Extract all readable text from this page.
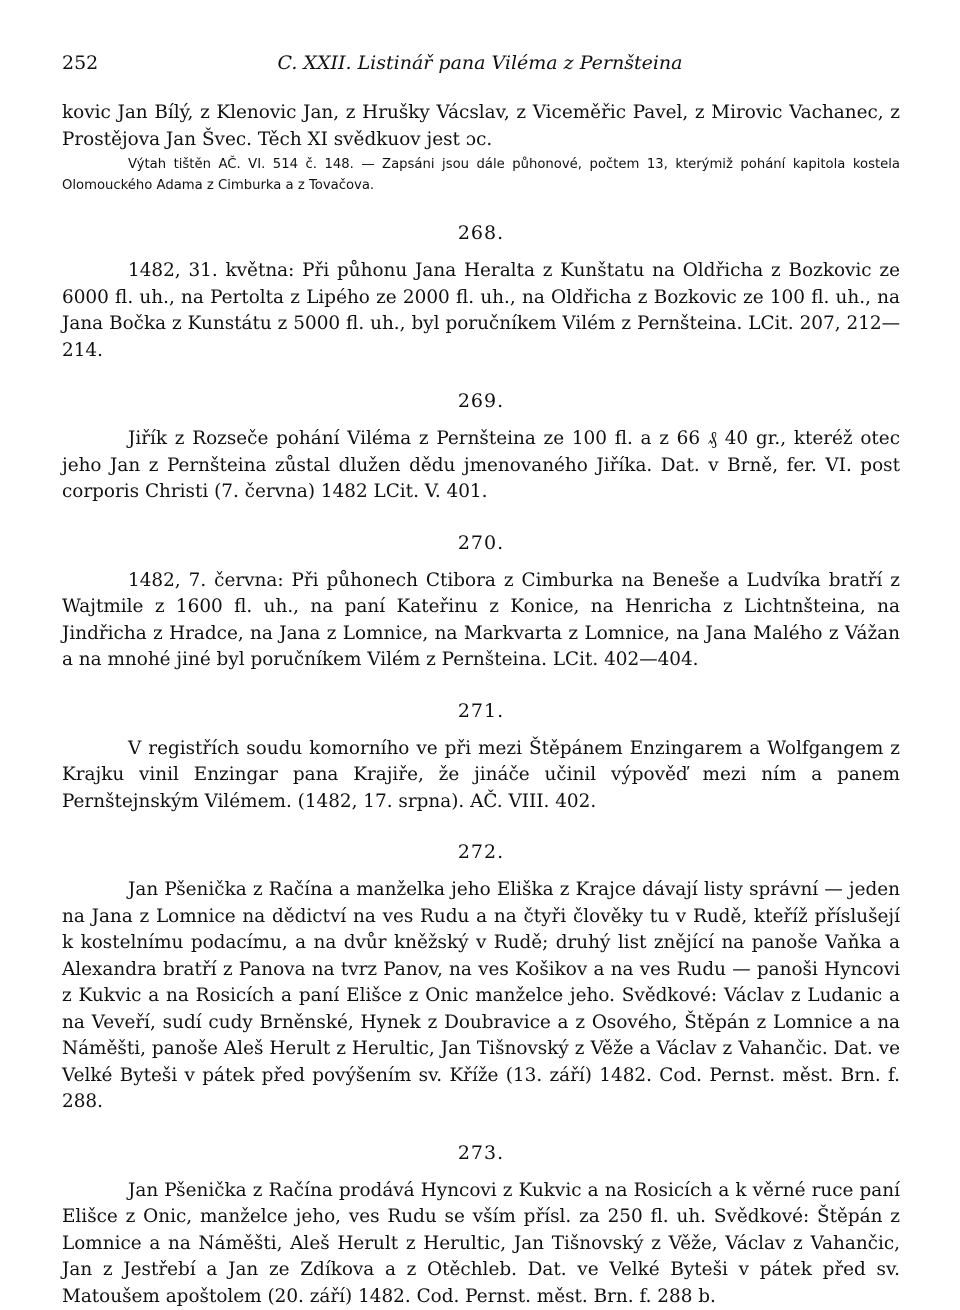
252	C. XXII. Listinář pana Viléma z Pernšteina

kovic Jan Bílý, z Klenovic Jan, z Hrušky Vácslav, z Viceměřic Pavel, z Mirovic Vachanec, z Prostějova Jan Švec. Těch XI svědkuov jest ɔc.

Výtah tištěn AČ. VI. 514 č. 148. — Zapsáni jsou dále půhonové, počtem 13, kterýmiž pohání kapitola kostela Olomouckého Adama z Cimburka a z Tovačova.

268.

1482, 31. května: Při půhonu Jana Heralta z Kunštatu na Oldřicha z Bozkovic ze 6000 fl. uh., na Pertolta z Lipého ze 2000 fl. uh., na Oldřicha z Bozkovic ze 100 fl. uh., na Jana Bočka z Kunstátu z 5000 fl. uh., byl poručníkem Vilém z Pernšteina. LCit. 207, 212—214.

269.

Jiřík z Rozseče pohání Viléma z Pernšteina ze 100 fl. a z 66 ₰ 40 gr., kteréž otec jeho Jan z Pernšteina zůstal dlužen dědu jmenovaného Jiříka. Dat. v Brně, fer. VI. post corporis Christi (7. června) 1482 LCit. V. 401.

270.

1482, 7. června: Při půhonech Ctibora z Cimburka na Beneše a Ludvíka bratří z Wajtmile z 1600 fl. uh., na paní Kateřinu z Konice, na Henricha z Lichtnšteina, na Jindřicha z Hradce, na Jana z Lomnice, na Markvarta z Lomnice, na Jana Malého z Vážan a na mnohé jiné byl poručníkem Vilém z Pernšteina. LCit. 402—404.

271.

V registřích soudu komorního ve při mezi Štěpánem Enzingarem a Wolfgangem z Krajku vinil Enzingar pana Krajiře, že jináče učinil výpověď mezi ním a panem Pernštejnským Vilémem. (1482, 17. srpna). AČ. VIII. 402.

272.

Jan Pšenička z Račína a manželka jeho Eliška z Krajce dávají listy správní — jeden na Jana z Lomnice na dědictví na ves Rudu a na čtyři člověky tu v Rudě, kteříž příslušejí k kostelnímu podacímu, a na dvůr kněžský v Rudě; druhý list znějící na panoše Vaňka a Alexandra bratří z Panova na tvrz Panov, na ves Košikov a na ves Rudu — panoši Hyncovi z Kukvic a na Rosicích a paní Elišce z Onic manželce jeho. Svědkové: Václav z Ludanic a na Veveří, sudí cudy Brněnské, Hynek z Doubravice a z Osového, Štěpán z Lomnice a na Náměšti, panoše Aleš Herult z Herultic, Jan Tišnovský z Věže a Václav z Vahančic. Dat. ve Velké Byteši v pátek před povýšením sv. Kříže (13. září) 1482. Cod. Pernst. měst. Brn. f. 288.

273.

Jan Pšenička z Račína prodává Hyncovi z Kukvic a na Rosicích a k věrné ruce paní Elišce z Onic, manželce jeho, ves Rudu se vším přísl. za 250 fl. uh. Svědkové: Štěpán z Lomnice a na Náměšti, Aleš Herult z Herultic, Jan Tišnovský z Věže, Václav z Vahančic, Jan z Jestřebí a Jan ze Zdíkova a z Otěchleb. Dat. ve Velké Byteši v pátek před sv. Matoušem apoštolem (20. září) 1482. Cod. Pernst. měst. Brn. f. 288 b.
